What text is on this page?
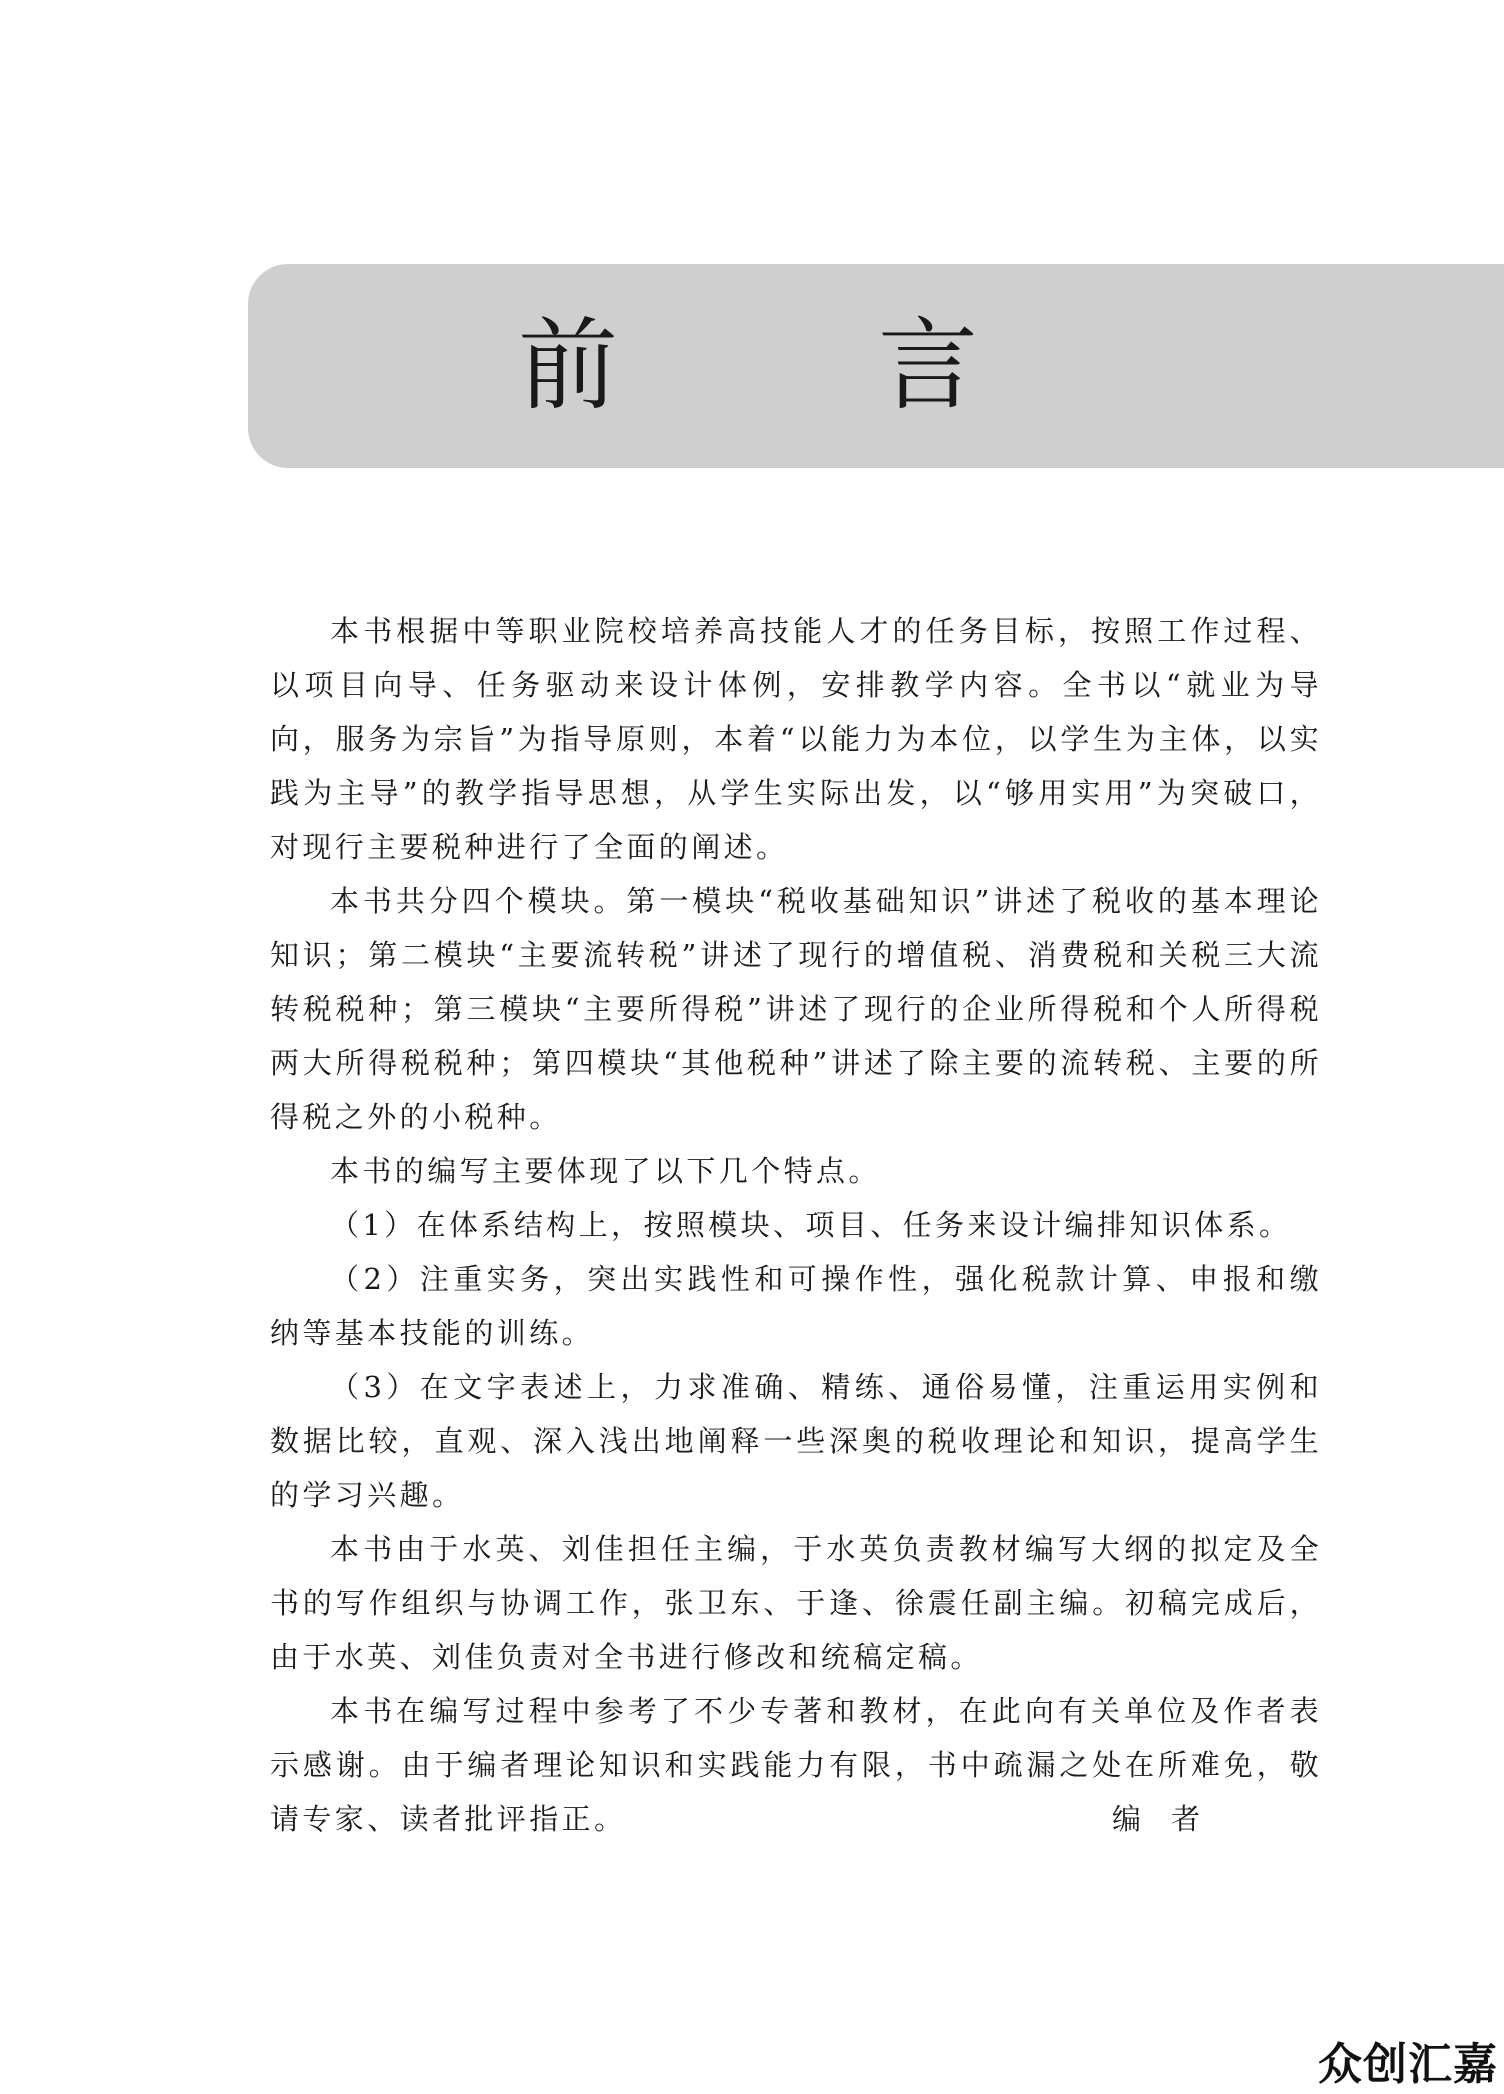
前　言

本书根据中等职业院校培养高技能人才的任务目标，按照工作过程、以项目向导、任务驱动来设计体例，安排教学内容。全书以“就业为导向，服务为宗旨”为指导原则，本着“以能力为本位，以学生为主体，以实践为主导”的教学指导思想，从学生实际出发，以“够用实用”为突破口，对现行主要税种进行了全面的阐述。

本书共分四个模块。第一模块“税收基础知识”讲述了税收的基本理论知识；第二模块“主要流转税”讲述了现行的增值税、消费税和关税三大流转税税种；第三模块“主要所得税”讲述了现行的企业所得税和个人所得税两大所得税税种；第四模块“其他税种”讲述了除主要的流转税、主要的所得税之外的小税种。

本书的编写主要体现了以下几个特点。

（1）在体系结构上，按照模块、项目、任务来设计编排知识体系。

（2）注重实务，突出实践性和可操作性，强化税款计算、申报和缴纳等基本技能的训练。

（3）在文字表述上，力求准确、精练、通俗易懂，注重运用实例和数据比较，直观、深入浅出地阐释一些深奥的税收理论和知识，提高学生的学习兴趣。

本书由于水英、刘佳担任主编，于水英负责教材编写大纲的拟定及全书的写作组织与协调工作，张卫东、于逢、徐震任副主编。初稿完成后，由于水英、刘佳负责对全书进行修改和统稿定稿。

本书在编写过程中参考了不少专著和教材，在此向有关单位及作者表示感谢。由于编者理论知识和实践能力有限，书中疏漏之处在所难免，敬请专家、读者批评指正。	编者
众创汇嘉
